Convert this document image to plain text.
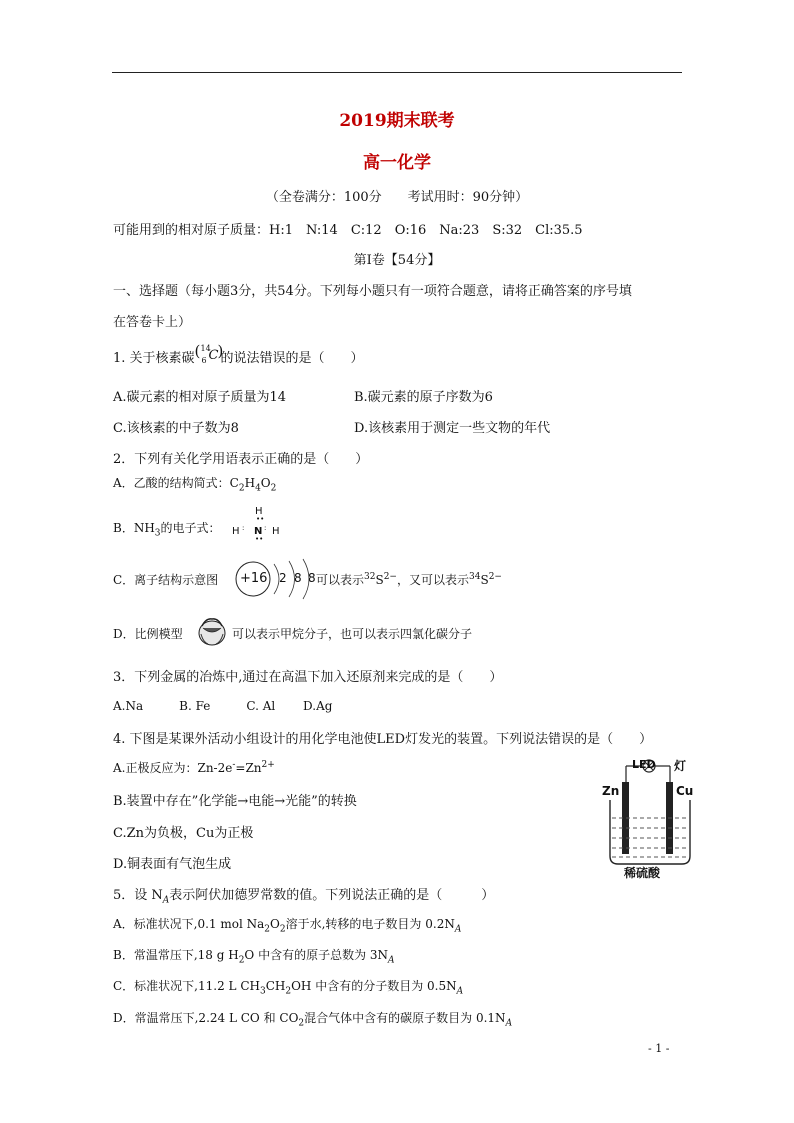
2019期末联考
高一化学
（全卷满分：100分　　考试用时：90分钟）
可能用到的相对原子质量：H:1　N:14　C:12　O:16　Na:23　S:32　Cl:35.5
第Ⅰ卷【54分】
一、选择题（每小题3分，共54分。下列每小题只有一项符合题意，请将正确答案的序号填
在答卷卡上）
1. 关于核素碳 ( 14
6 C )
的说法错误的是（　　）
A.碳元素的相对原子质量为14	B.碳元素的原子序数为6
C.该核素的中子数为8	D.该核素用于测定一些文物的年代
2．下列有关化学用语表示正确的是（　　）
A．乙酸的结构简式：$C_2H_4O_2$
B．$NH_3$的电子式：
H
••
H : N : H
••
C．离子结构示意图 +16 2 8 8 可以表示$^{32}S^{2-}$，又可以表示$^{34}S^{2-}$
D．比例模型	可以表示甲烷分子，也可以表示四氯化碳分子
3．下列金属的冶炼中,通过在高温下加入还原剂来完成的是（　　）
A.Na　　　B. Fe　　　C. Al　　 D.Ag
4. 下图是某课外活动小组设计的用化学电池使LED灯发光的装置。下列说法错误的是（　　）
A.正极反应为：$Zn-2e^-=Zn^{2+}$
B.装置中存在”化学能→电能→光能”的转换
C.Zn为负极，Cu为正极
D.铜表面有气泡生成
LED 灯
Zn	Cu
稀硫酸
5．设 $N_A$表示阿伏加德罗常数的值。下列说法正确的是（　　　）
A．标准状况下,0.1 mol $Na_2O_2$溶于水,转移的电子数目为 $0.2N_A$
B．常温常压下,18 g $H_2O$ 中含有的原子总数为 $3N_A$
C．标准状况下,11.2 L $CH_3CH_2OH$ 中含有的分子数目为 $0.5N_A$
D．常温常压下,2.24 L CO 和 $CO_2$混合气体中含有的碳原子数目为 $0.1N_A$
- 1 -
